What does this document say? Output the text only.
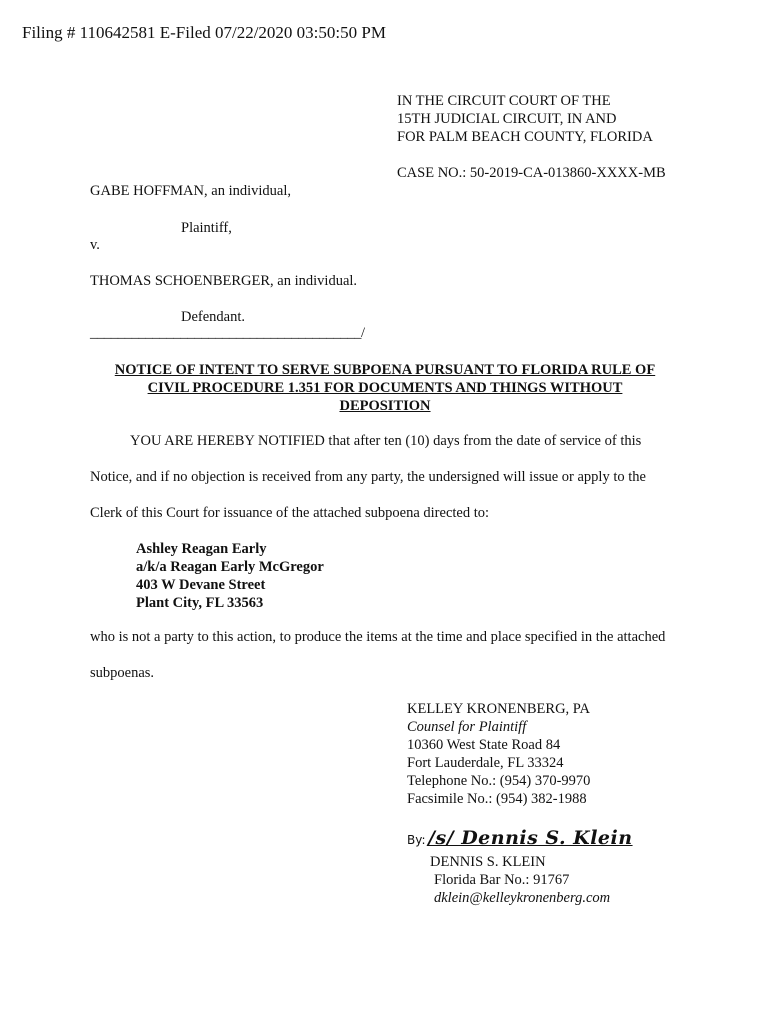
Filing # 110642581 E-Filed 07/22/2020 03:50:50 PM
IN THE CIRCUIT COURT OF THE
15TH JUDICIAL CIRCUIT, IN AND
FOR PALM BEACH COUNTY, FLORIDA
CASE NO.: 50-2019-CA-013860-XXXX-MB
GABE HOFFMAN, an individual,
Plaintiff,
v.
THOMAS SCHOENBERGER, an individual.
Defendant.
_______________________________________/
NOTICE OF INTENT TO SERVE SUBPOENA PURSUANT TO FLORIDA RULE OF
CIVIL PROCEDURE 1.351 FOR DOCUMENTS AND THINGS WITHOUT
DEPOSITION
YOU ARE HEREBY NOTIFIED that after ten (10) days from the date of service of this
Notice, and if no objection is received from any party, the undersigned will issue or apply to the
Clerk of this Court for issuance of the attached subpoena directed to:
Ashley Reagan Early
a/k/a Reagan Early McGregor
403 W Devane Street
Plant City, FL 33563
who is not a party to this action, to produce the items at the time and place specified in the attached
subpoenas.
KELLEY KRONENBERG, PA
Counsel for Plaintiff
10360 West State Road 84
Fort Lauderdale, FL 33324
Telephone No.: (954) 370-9970
Facsimile No.: (954) 382-1988
By: /s/ Dennis S. Klein
DENNIS S. KLEIN
Florida Bar No.: 91767
dklein@kelleykronenberg.com
